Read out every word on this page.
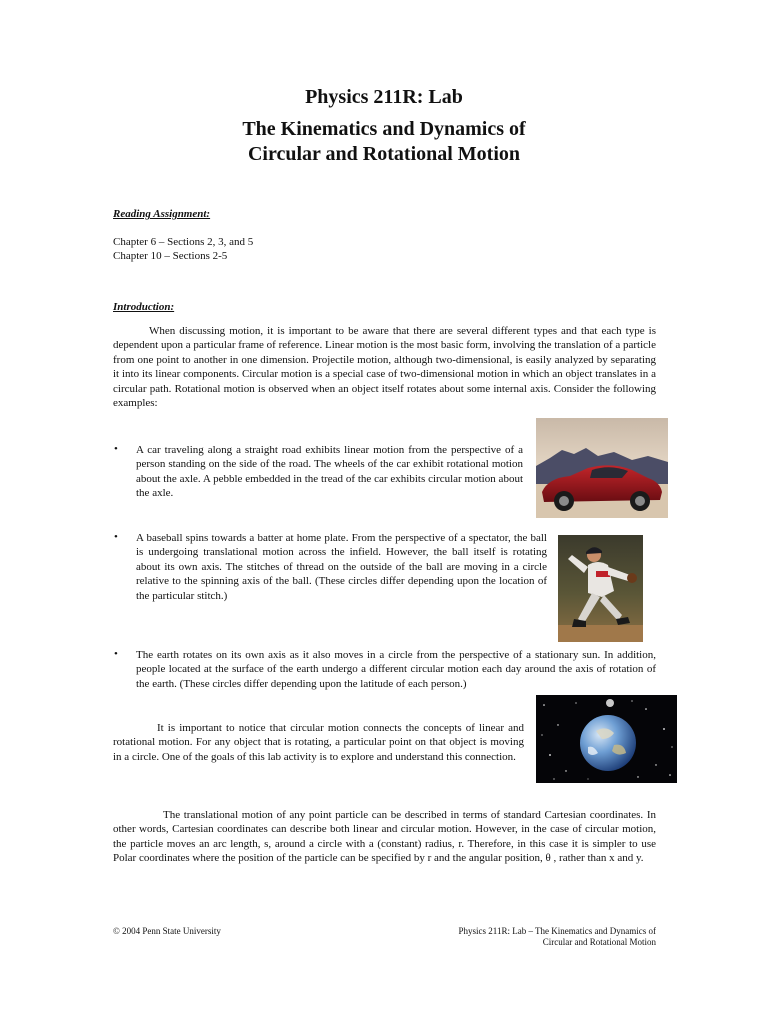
Physics 211R: Lab
The Kinematics and Dynamics of
Circular and Rotational Motion
Reading Assignment:
Chapter 6 – Sections 2, 3, and 5
Chapter 10 – Sections 2-5
Introduction:
When discussing motion, it is important to be aware that there are several different types and that each type is dependent upon a particular frame of reference. Linear motion is the most basic form, involving the translation of a particle from one point to another in one dimension. Projectile motion, although two-dimensional, is easily analyzed by separating it into its linear components. Circular motion is a special case of two-dimensional motion in which an object translates in a circular path. Rotational motion is observed when an object itself rotates about some internal axis. Consider the following examples:
• A car traveling along a straight road exhibits linear motion from the perspective of a person standing on the side of the road. The wheels of the car exhibit rotational motion about the axle. A pebble embedded in the tread of the car exhibits circular motion about the axle.
• A baseball spins towards a batter at home plate. From the perspective of a spectator, the ball is undergoing translational motion across the infield. However, the ball itself is rotating about its own axis. The stitches of thread on the outside of the ball are moving in a circle relative to the spinning axis of the ball. (These circles differ depending upon the location of the particular stitch.)
• The earth rotates on its own axis as it also moves in a circle from the perspective of a stationary sun. In addition, people located at the surface of the earth undergo a different circular motion each day around the axis of rotation of the earth. (These circles differ depending upon the latitude of each person.)
It is important to notice that circular motion connects the concepts of linear and rotational motion. For any object that is rotating, a particular point on that object is moving in a circle. One of the goals of this lab activity is to explore and understand this connection.
The translational motion of any point particle can be described in terms of standard Cartesian coordinates. In other words, Cartesian coordinates can describe both linear and circular motion. However, in the case of circular motion, the particle moves an arc length, s, around a circle with a (constant) radius, r. Therefore, in this case it is simpler to use Polar coordinates where the position of the particle can be specified by r and the angular position, θ , rather than x and y.
© 2004 Penn State University	Physics 211R: Lab – The Kinematics and Dynamics of
Circular and Rotational Motion
